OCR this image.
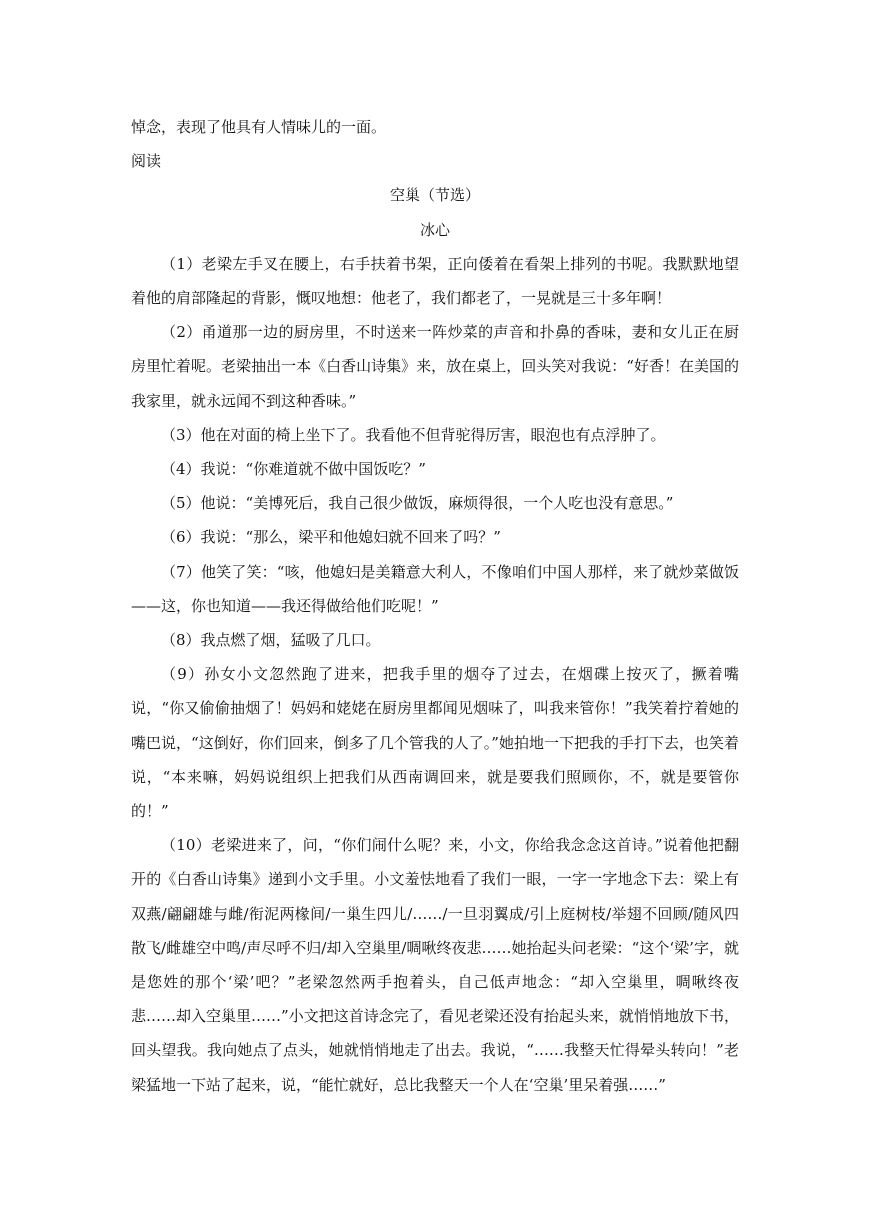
悼念，表现了他具有人情味儿的一面。

阅读

空巢（节选）

冰心

（1）老梁左手叉在腰上，右手扶着书架，正向倭着在看架上排列的书呢。我默默地望着他的肩部隆起的背影，慨叹地想：他老了，我们都老了，一晃就是三十多年啊！

（2）甬道那一边的厨房里，不时送来一阵炒菜的声音和扑鼻的香味，妻和女儿正在厨房里忙着呢。老梁抽出一本《白香山诗集》来，放在桌上，回头笑对我说：“好香！在美国的我家里，就永远闻不到这种香味。”

（3）他在对面的椅上坐下了。我看他不但背驼得厉害，眼泡也有点浮肿了。

（4）我说：“你难道就不做中国饭吃？”

（5）他说：“美博死后，我自己很少做饭，麻烦得很，一个人吃也没有意思。”

（6）我说：“那么，梁平和他媳妇就不回来了吗？”

（7）他笑了笑：“咳，他媳妇是美籍意大利人，不像咱们中国人那样，来了就炒菜做饭——这，你也知道——我还得做给他们吃呢！”

（8）我点燃了烟，猛吸了几口。

（9）孙女小文忽然跑了进来，把我手里的烟夺了过去，在烟碟上按灭了，撅着嘴说，“你又偷偷抽烟了！妈妈和姥姥在厨房里都闻见烟味了，叫我来管你！”我笑着拧着她的嘴巴说，“这倒好，你们回来，倒多了几个管我的人了。”她拍地一下把我的手打下去，也笑着说，“本来嘛，妈妈说组织上把我们从西南调回来，就是要我们照顾你，不，就是要管你的！”

（10）老梁进来了，问，“你们闹什么呢？来，小文，你给我念念这首诗。”说着他把翻开的《白香山诗集》递到小文手里。小文羞怯地看了我们一眼，一字一字地念下去：梁上有双燕/翩翩雄与雌/衔泥两椽间/一巢生四儿/……/一旦羽翼成/引上庭树枝/举翅不回顾/随风四散飞/雌雄空中鸣/声尽呼不归/却入空巢里/啁啾终夜悲……她抬起头问老梁：“这个‘梁’字，就是您姓的那个‘梁’吧？”老梁忽然两手抱着头，自己低声地念：“却入空巢里，啁啾终夜悲……却入空巢里……”小文把这首诗念完了，看见老梁还没有抬起头来，就悄悄地放下书，回头望我。我向她点了点头，她就悄悄地走了出去。我说，“……我整天忙得晕头转向！”老梁猛地一下站了起来，说，“能忙就好，总比我整天一个人在‘空巢’里呆着强……”
